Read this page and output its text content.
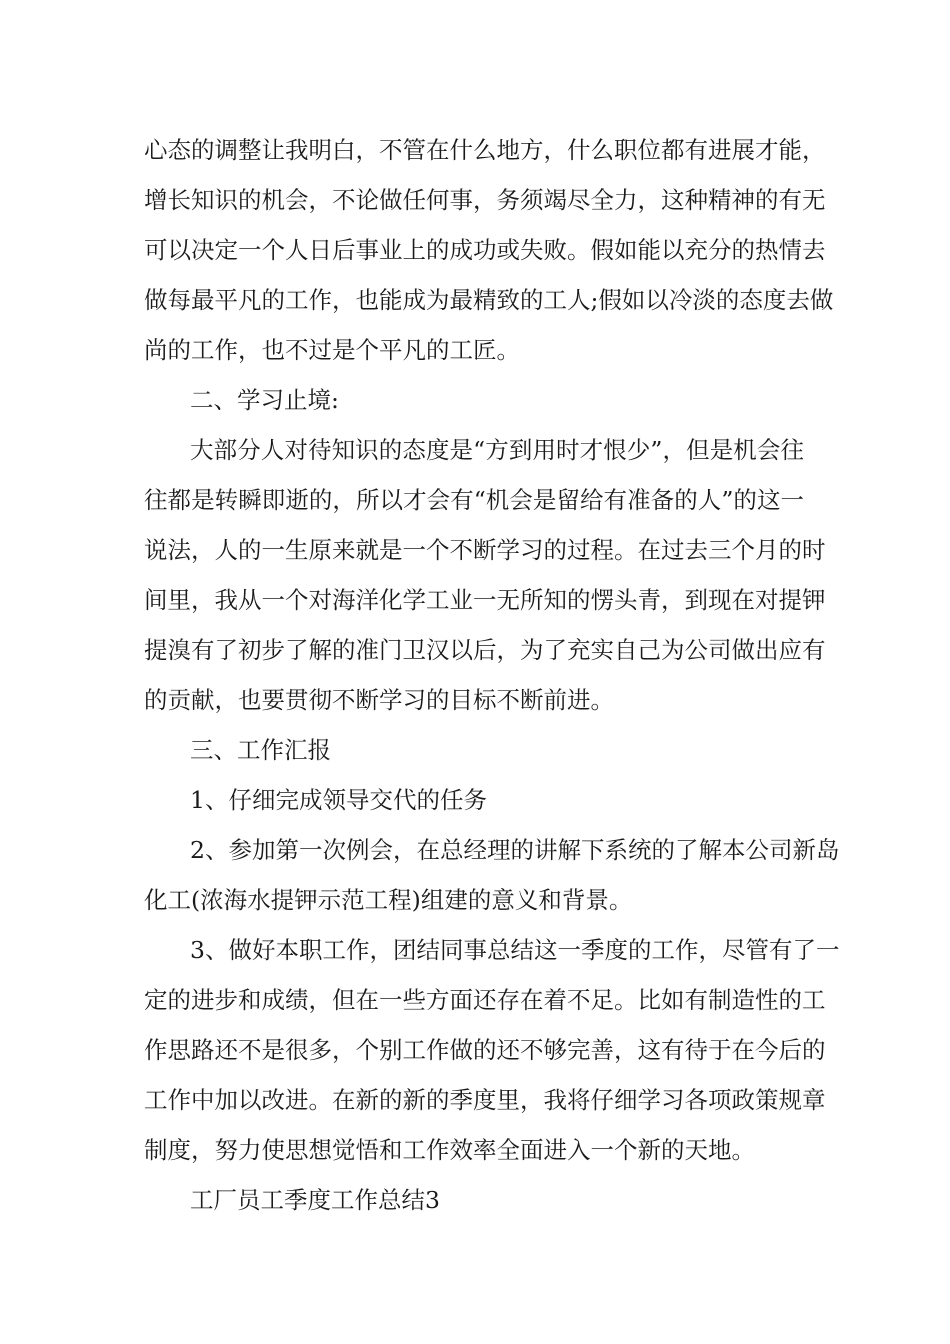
心态的调整让我明白，不管在什么地方，什么职位都有进展才能，
增长知识的机会，不论做任何事，务须竭尽全力，这种精神的有无
可以决定一个人日后事业上的成功或失败。假如能以充分的热情去
做每最平凡的工作，也能成为最精致的工人;假如以冷淡的态度去做
尚的工作，也不过是个平凡的工匠。
二、学习止境:
大部分人对待知识的态度是“方到用时才恨少”，但是机会往
往都是转瞬即逝的，所以才会有“机会是留给有准备的人”的这一
说法，人的一生原来就是一个不断学习的过程。在过去三个月的时
间里，我从一个对海洋化学工业一无所知的愣头青，到现在对提钾
提溴有了初步了解的准门卫汉以后，为了充实自己为公司做出应有
的贡献，也要贯彻不断学习的目标不断前进。
三、工作汇报
1、仔细完成领导交代的任务
2、参加第一次例会，在总经理的讲解下系统的了解本公司新岛
化工(浓海水提钾示范工程)组建的意义和背景。
3、做好本职工作，团结同事总结这一季度的工作，尽管有了一
定的进步和成绩，但在一些方面还存在着不足。比如有制造性的工
作思路还不是很多，个别工作做的还不够完善，这有待于在今后的
工作中加以改进。在新的新的季度里，我将仔细学习各项政策规章
制度，努力使思想觉悟和工作效率全面进入一个新的天地。
工厂员工季度工作总结3
